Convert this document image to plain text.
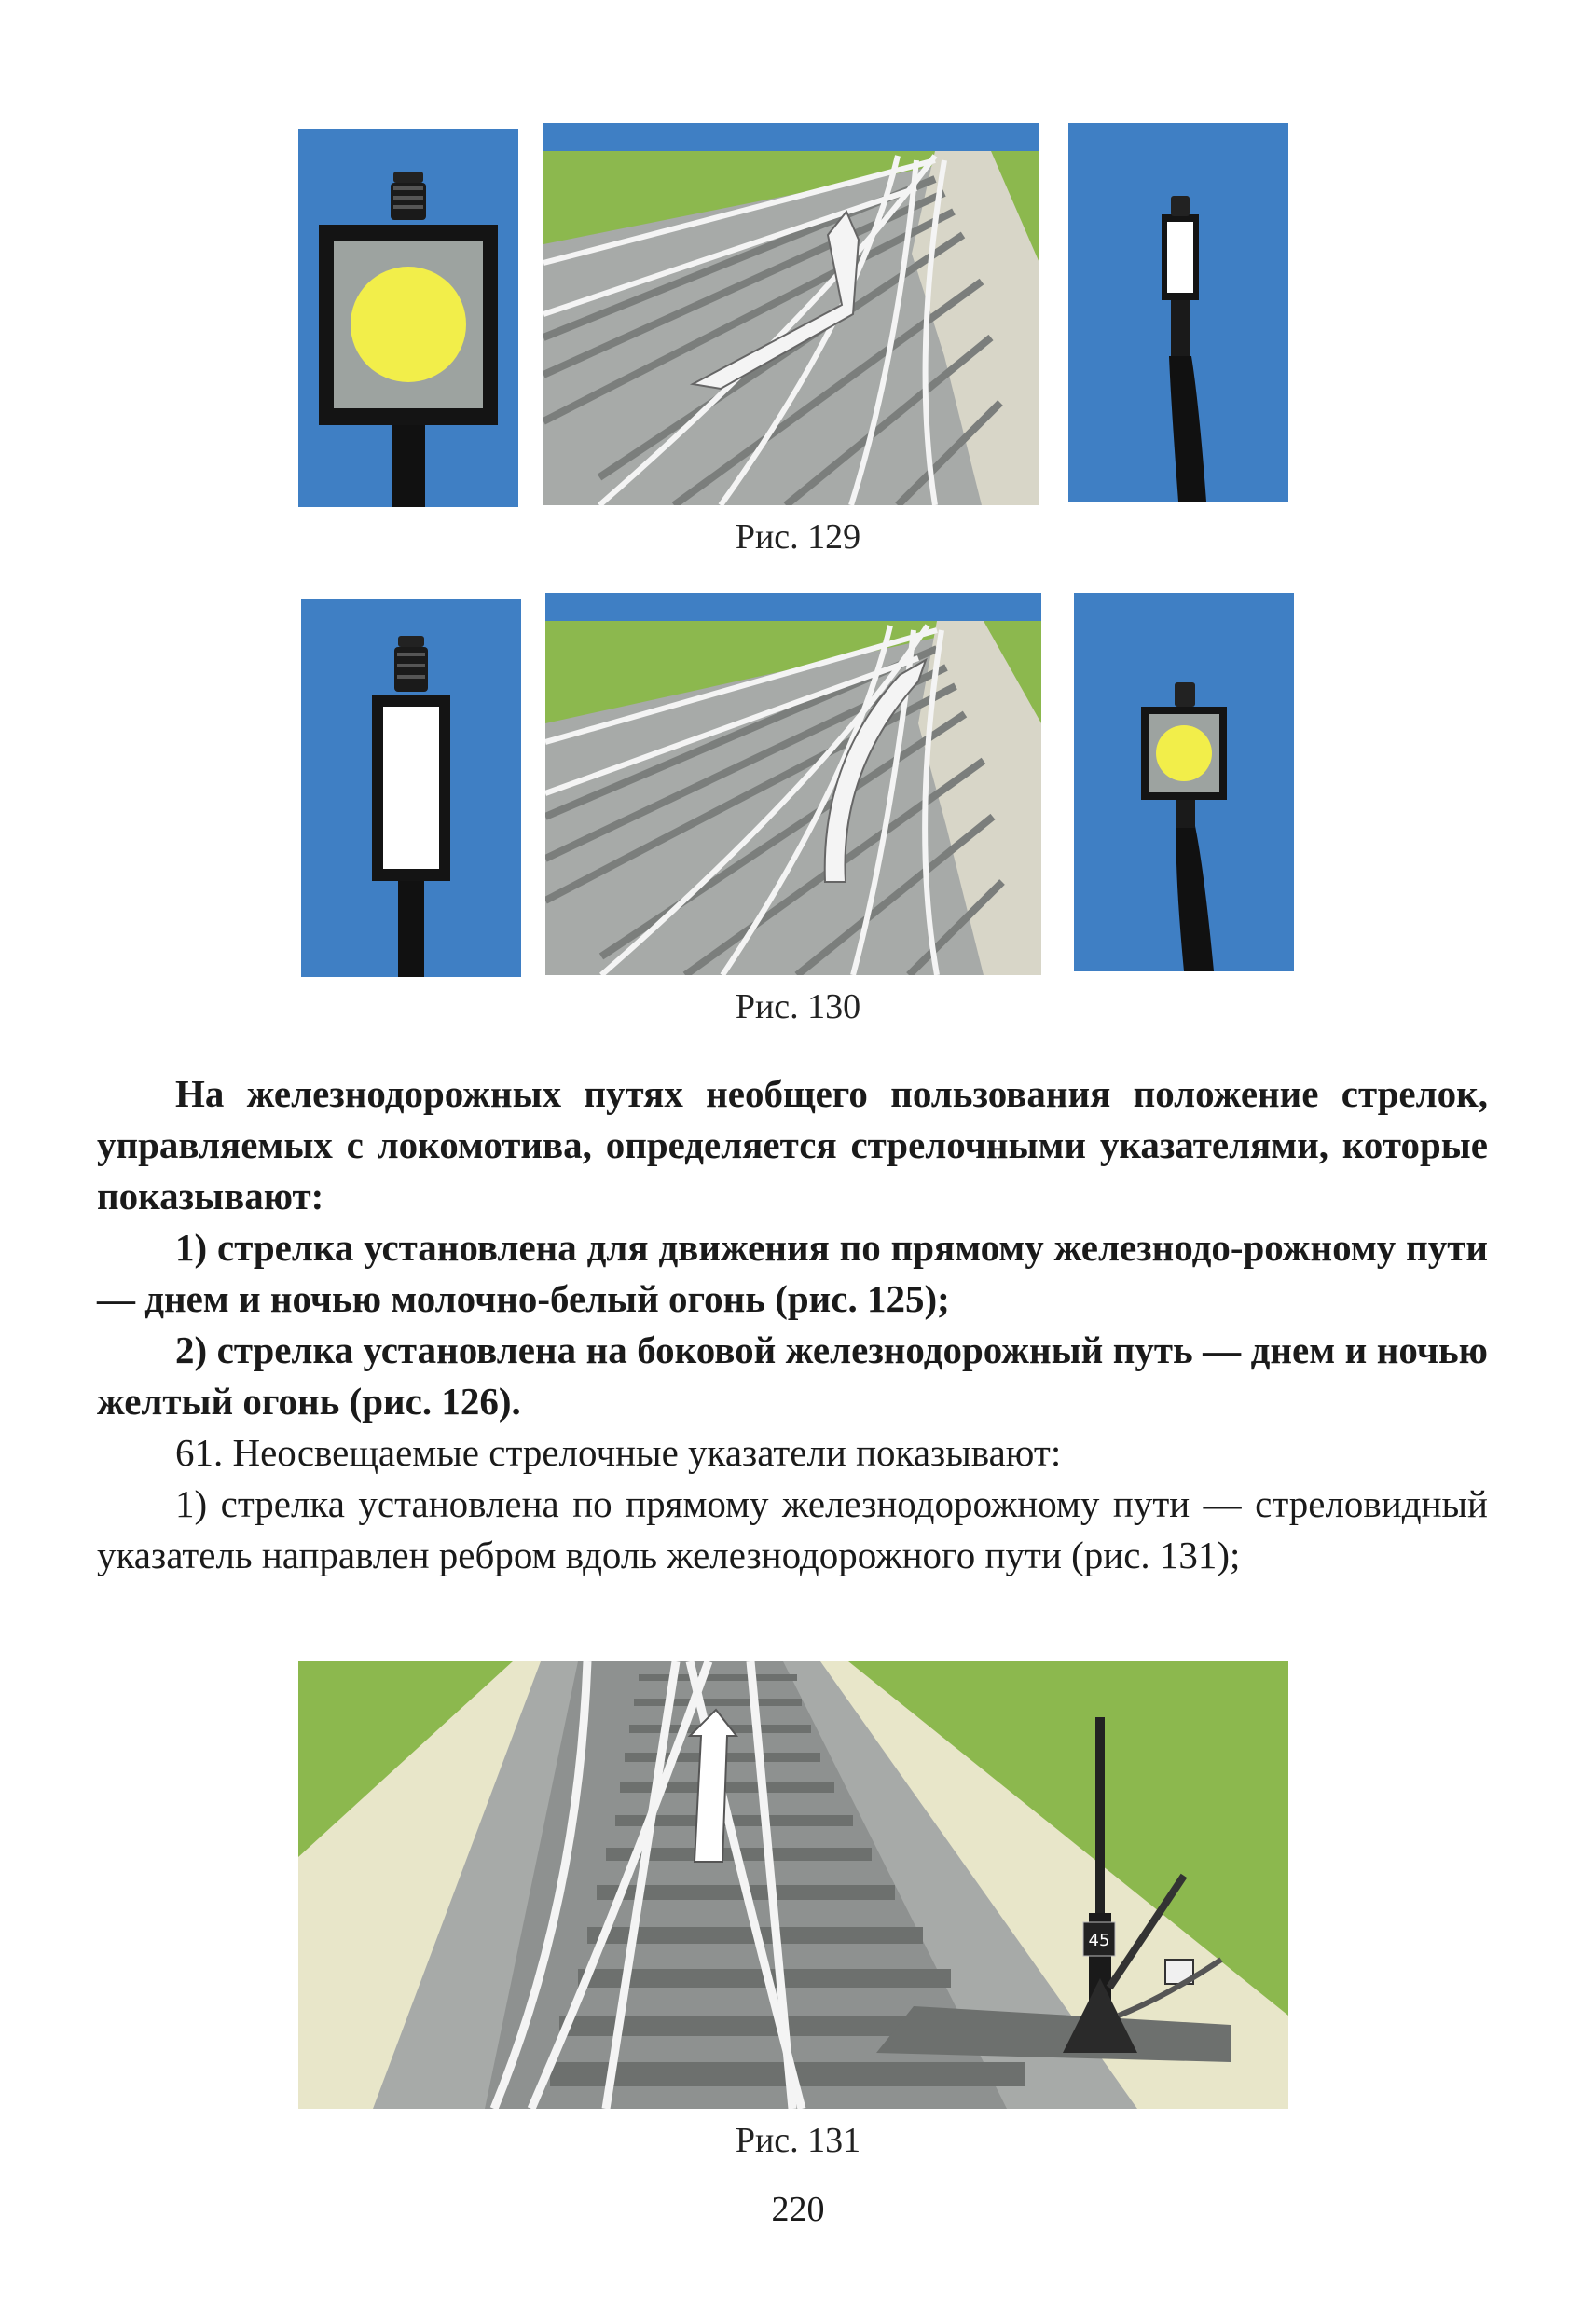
Рис. 129
Рис. 130

На железнодорожных путях необщего пользования положение стрелок, управляемых с локомотива, определяется стрелочными указателями, которые показывают:

1) стрелка установлена для движения по прямому железнодо-рожному пути — днем и ночью молочно-белый огонь (рис. 125);

2) стрелка установлена на боковой железнодорожный путь — днем и ночью желтый огонь (рис. 126).

61. Неосвещаемые стрелочные указатели показывают:

1) стрелка установлена по прямому железнодорожному пути — стреловидный указатель направлен ребром вдоль железнодорожного пути (рис. 131);

45
Рис. 131
220
